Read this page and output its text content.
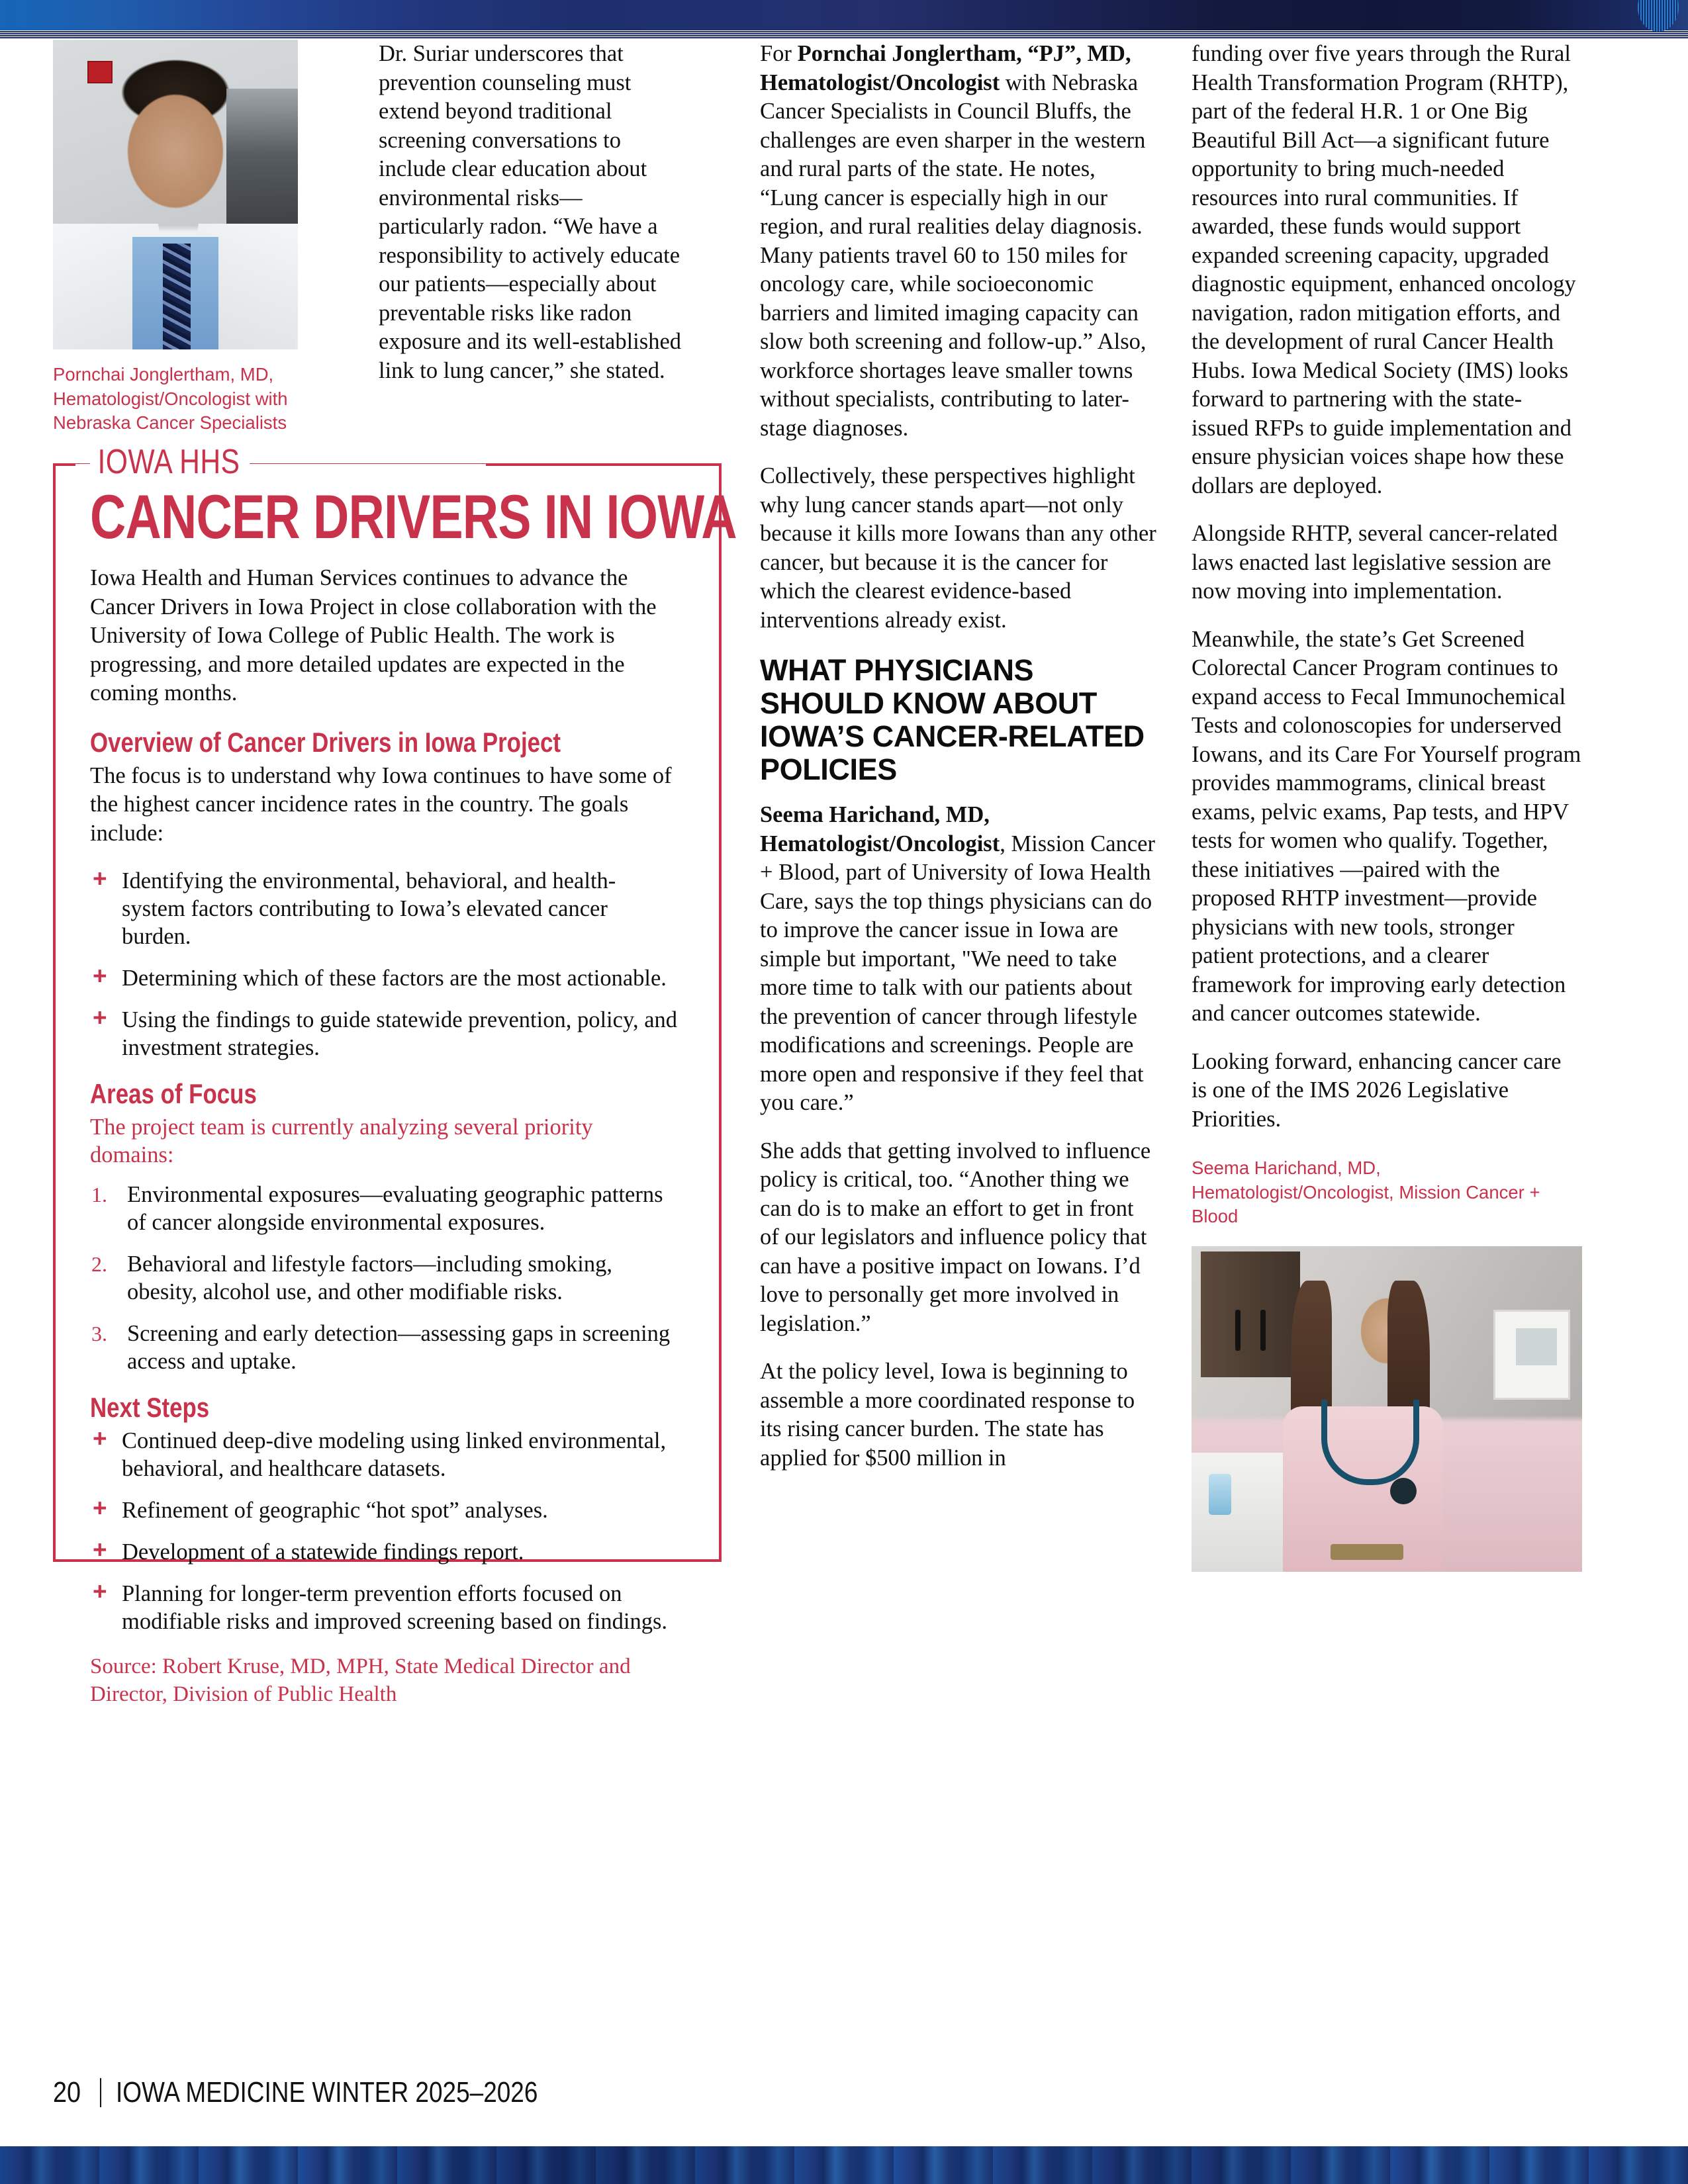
Pornchai Jonglertham, MD, Hematologist/Oncologist with Nebraska Cancer Specialists

Dr. Suriar underscores that prevention counseling must extend beyond traditional screening conversations to include clear education about environmental risks—particularly radon. “We have a responsibility to actively educate our patients—especially about preventable risks like radon exposure and its well-established link to lung cancer,” she stated.

IOWA HHS
CANCER DRIVERS IN IOWA

Iowa Health and Human Services continues to advance the Cancer Drivers in Iowa Project in close collaboration with the University of Iowa College of Public Health. The work is progressing, and more detailed updates are expected in the coming months.

Overview of Cancer Drivers in Iowa Project

The focus is to understand why Iowa continues to have some of the highest cancer incidence rates in the country. The goals include:

+ Identifying the environmental, behavioral, and health-system factors contributing to Iowa’s elevated cancer burden.
+ Determining which of these factors are the most actionable.
+ Using the findings to guide statewide prevention, policy, and investment strategies.
Areas of Focus

The project team is currently analyzing several priority domains:

1. Environmental exposures—evaluating geographic patterns of cancer alongside environmental exposures.
2. Behavioral and lifestyle factors—including smoking, obesity, alcohol use, and other modifiable risks.
3. Screening and early detection—assessing gaps in screening access and uptake.
Next Steps
+ Continued deep-dive modeling using linked environmental, behavioral, and healthcare datasets.
+ Refinement of geographic “hot spot” analyses.
+ Development of a statewide findings report.
+ Planning for longer-term prevention efforts focused on modifiable risks and improved screening based on findings.
Source: Robert Kruse, MD, MPH, State Medical Director and Director, Division of Public Health

For Pornchai Jonglertham, “PJ”, MD, Hematologist/Oncologist with Nebraska Cancer Specialists in Council Bluffs, the challenges are even sharper in the western and rural parts of the state. He notes, “Lung cancer is especially high in our region, and rural realities delay diagnosis. Many patients travel 60 to 150 miles for oncology care, while socioeconomic barriers and limited imaging capacity can slow both screening and follow-up.” Also, workforce shortages leave smaller towns without specialists, contributing to later-stage diagnoses.

Collectively, these perspectives highlight why lung cancer stands apart—not only because it kills more Iowans than any other cancer, but because it is the cancer for which the clearest evidence-based interventions already exist.

WHAT PHYSICIANS SHOULD KNOW ABOUT IOWA’S CANCER-RELATED POLICIES

Seema Harichand, MD, Hematologist/Oncologist, Mission Cancer + Blood, part of University of Iowa Health Care, says the top things physicians can do to improve the cancer issue in Iowa are simple but important, "We need to take more time to talk with our patients about the prevention of cancer through lifestyle modifications and screenings. People are more open and responsive if they feel that you care.”

She adds that getting involved to influence policy is critical, too. “Another thing we can do is to make an effort to get in front of our legislators and influence policy that can have a positive impact on Iowans. I’d love to personally get more involved in legislation.”

At the policy level, Iowa is beginning to assemble a more coordinated response to its rising cancer burden. The state has applied for $500 million in

funding over five years through the Rural Health Transformation Program (RHTP), part of the federal H.R. 1 or One Big Beautiful Bill Act—a significant future opportunity to bring much-needed resources into rural communities. If awarded, these funds would support expanded screening capacity, upgraded diagnostic equipment, enhanced oncology navigation, radon mitigation efforts, and the development of rural Cancer Health Hubs. Iowa Medical Society (IMS) looks forward to partnering with the state- issued RFPs to guide implementation and ensure physician voices shape how these dollars are deployed.

Alongside RHTP, several cancer-related laws enacted last legislative session are now moving into implementation.

Meanwhile, the state’s Get Screened Colorectal Cancer Program continues to expand access to Fecal Immunochemical Tests and colonoscopies for underserved Iowans, and its Care For Yourself program provides mammograms, clinical breast exams, pelvic exams, Pap tests, and HPV tests for women who qualify. Together, these initiatives —paired with the proposed RHTP investment—provide physicians with new tools, stronger patient protections, and a clearer framework for improving early detection and cancer outcomes statewide.

Looking forward, enhancing cancer care is one of the IMS 2026 Legislative Priorities.

Seema Harichand, MD, Hematologist/Oncologist, Mission Cancer + Blood
20 IOWA MEDICINE WINTER 2025–2026
